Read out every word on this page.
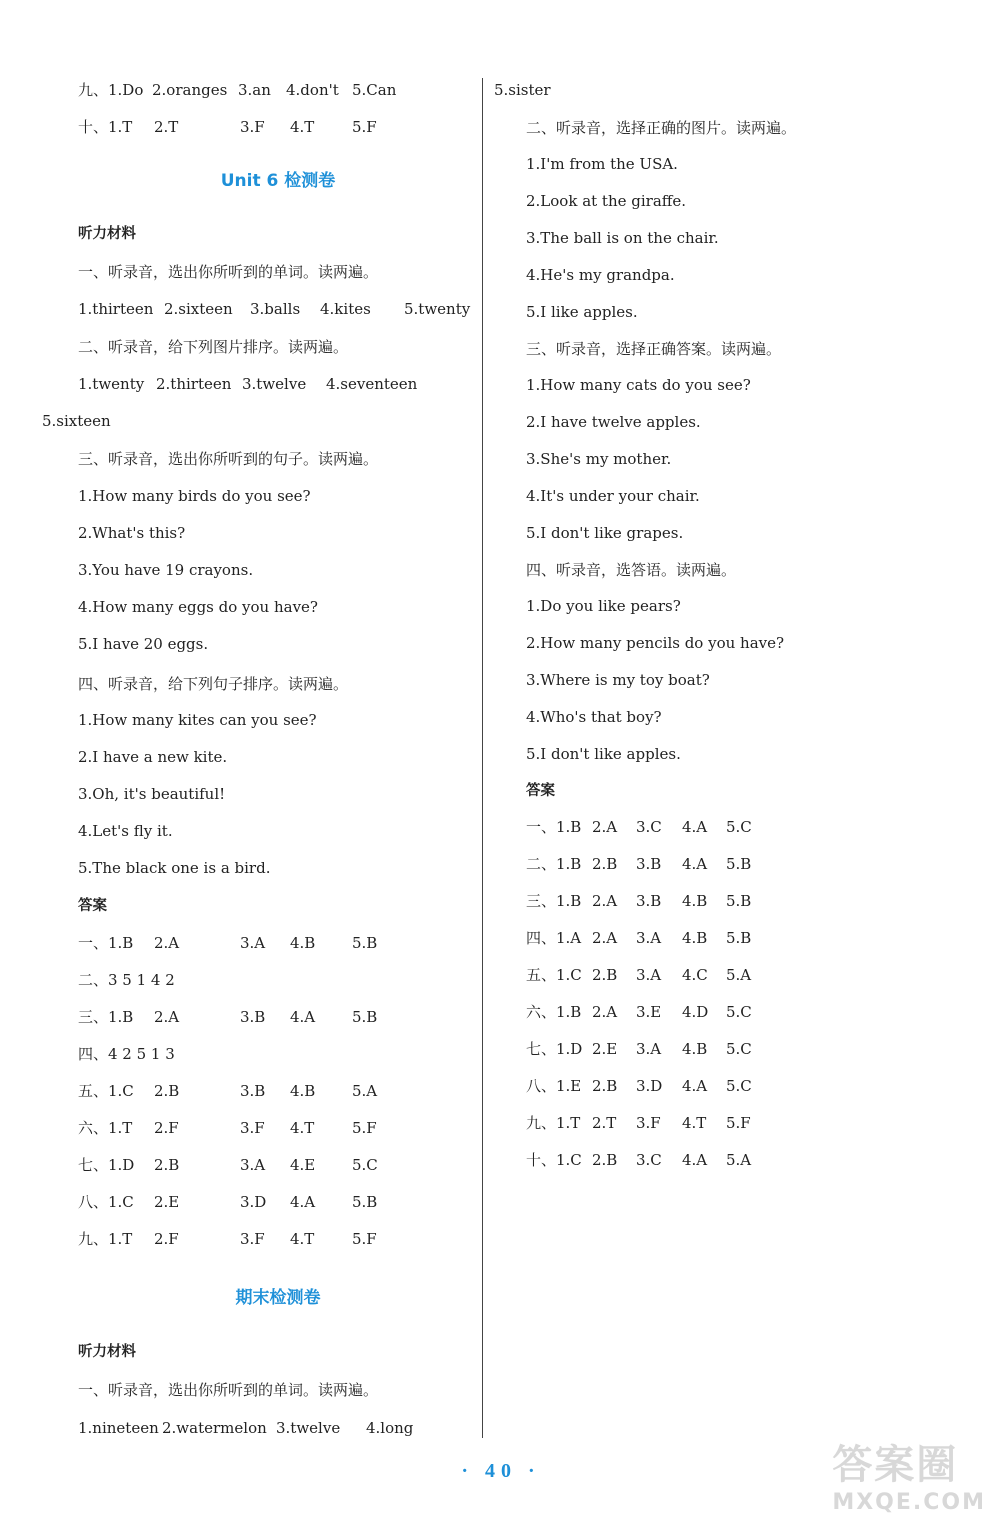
九、1.Do 2.oranges 3.an 4.don't 5.Can
十、1.T 2.T	3.F 4.T	5.F
Unit 6 检测卷
听力材料
一、听录音，选出你所听到的单词。读两遍。
1.thirteen 2.sixteen 3.balls 4.kites 5.twenty
二、听录音，给下列图片排序。读两遍。
1.twenty 2.thirteen 3.twelve 4.seventeen
5.sixteen
三、听录音，选出你所听到的句子。读两遍。
1.How many birds do you see?
2.What's this?
3.You have 19 crayons.
4.How many eggs do you have?
5.I have 20 eggs.
四、听录音，给下列句子排序。读两遍。
1.How many kites can you see?
2.I have a new kite.
3.Oh, it's beautiful!
4.Let's fly it.
5.The black one is a bird.
答案
一、1.B 2.A	3.A 4.B 5.B
二、3 5 1 4 2
三、1.B 2.A	3.B 4.A 5.B
四、4 2 5 1 3
五、1.C 2.B	3.B 4.B 5.A
六、1.T 2.F	3.F 4.T	5.F
七、1.D 2.B	3.A 4.E 5.C
八、1.C 2.E	3.D 4.A 5.B
九、1.T 2.F	3.F 4.T	5.F
期末检测卷
听力材料
一、听录音，选出你所听到的单词。读两遍。
1.nineteen 2.watermelon 3.twelve 4.long
5.sister
二、听录音，选择正确的图片。读两遍。
1.I'm from the USA.
2.Look at the giraffe.
3.The ball is on the chair.
4.He's my grandpa.
5.I like apples.
三、听录音，选择正确答案。读两遍。
1.How many cats do you see?
2.I have twelve apples.
3.She's my mother.
4.It's under your chair.
5.I don't like grapes.
四、听录音，选答语。读两遍。
1.Do you like pears?
2.How many pencils do you have?
3.Where is my toy boat?
4.Who's that boy?
5.I don't like apples.
答案
一、1.B 2.A 3.C 4.A 5.C
二、1.B 2.B 3.B 4.A 5.B
三、1.B 2.A 3.B 4.B 5.B
四、1.A 2.A 3.A 4.B 5.B
五、1.C 2.B 3.A 4.C 5.A
六、1.B 2.A 3.E 4.D 5.C
七、1.D 2.E 3.A 4.B 5.C
八、1.E 2.B 3.D 4.A 5.C
九、1.T 2.T 3.F 4.T 5.F
十、1.C 2.B 3.C 4.A 5.A
· 40 ·	答案圈
MXQE.COM
